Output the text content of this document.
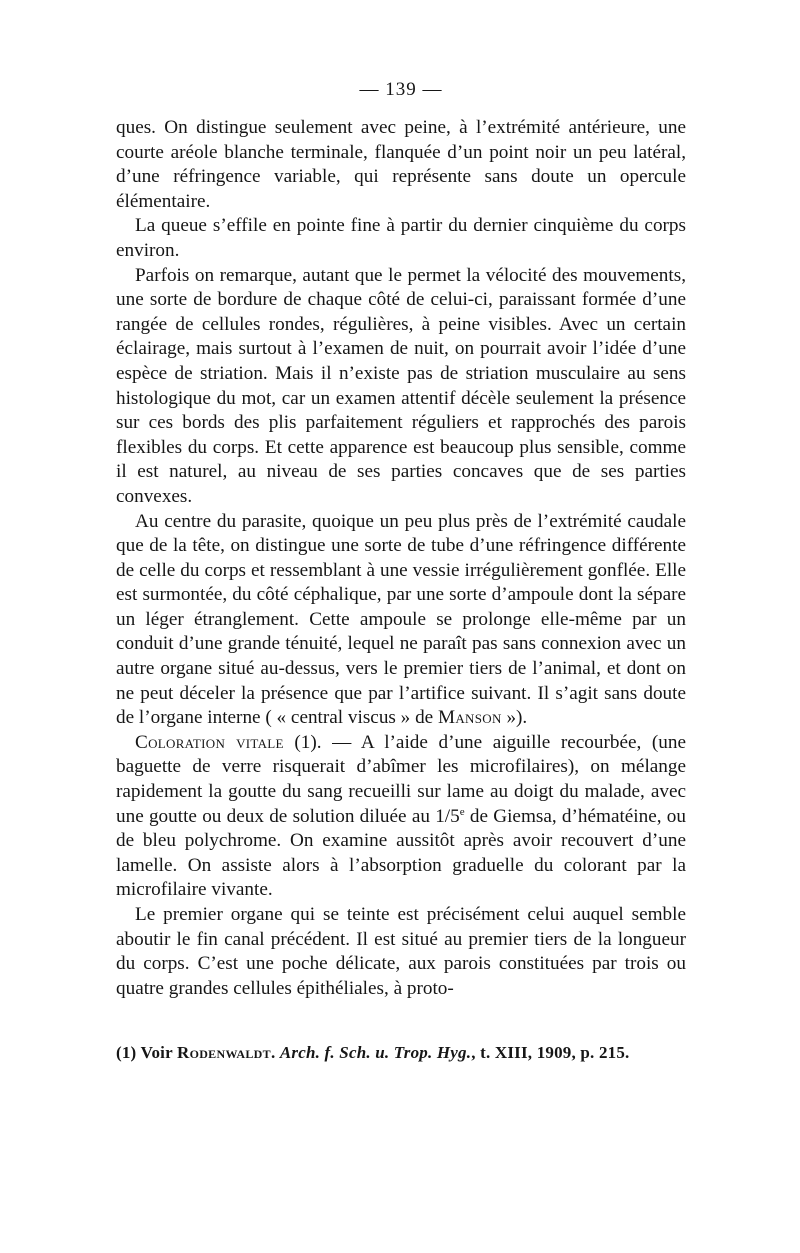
— 139 —

ques. On distingue seulement avec peine, à l’extrémité antérieure, une courte aréole blanche terminale, flanquée d’un point noir un peu latéral, d’une réfringence variable, qui représente sans doute un opercule élémentaire.

La queue s’effile en pointe fine à partir du dernier cinquième du corps environ.

Parfois on remarque, autant que le permet la vélocité des mouvements, une sorte de bordure de chaque côté de celui-ci, paraissant formée d’une rangée de cellules rondes, régulières, à peine visibles. Avec un certain éclairage, mais surtout à l’examen de nuit, on pourrait avoir l’idée d’une espèce de striation. Mais il n’existe pas de striation musculaire au sens histologique du mot, car un examen attentif décèle seulement la présence sur ces bords des plis parfaitement réguliers et rapprochés des parois flexibles du corps. Et cette apparence est beaucoup plus sensible, comme il est naturel, au niveau de ses parties concaves que de ses parties convexes.

Au centre du parasite, quoique un peu plus près de l’extrémité caudale que de la tête, on distingue une sorte de tube d’une réfringence différente de celle du corps et ressemblant à une vessie irrégulièrement gonflée. Elle est surmontée, du côté céphalique, par une sorte d’ampoule dont la sépare un léger étranglement. Cette ampoule se prolonge elle-même par un conduit d’une grande ténuité, lequel ne paraît pas sans connexion avec un autre organe situé au-dessus, vers le premier tiers de l’animal, et dont on ne peut déceler la présence que par l’artifice suivant. Il s’agit sans doute de l’organe interne ( « central viscus » de Manson »).

Coloration vitale (1). — A l’aide d’une aiguille recourbée, (une baguette de verre risquerait d’abîmer les microfilaires), on mélange rapidement la goutte du sang recueilli sur lame au doigt du malade, avec une goutte ou deux de solution diluée au 1/5e de Giemsa, d’hématéine, ou de bleu polychrome. On examine aussitôt après avoir recouvert d’une lamelle. On assiste alors à l’absorption graduelle du colorant par la microfilaire vivante.

Le premier organe qui se teinte est précisément celui auquel semble aboutir le fin canal précédent. Il est situé au premier tiers de la longueur du corps. C’est une poche délicate, aux parois constituées par trois ou quatre grandes cellules épithéliales, à proto-

(1) Voir Rodenwaldt. Arch. f. Sch. u. Trop. Hyg., t. XIII, 1909, p. 215.
